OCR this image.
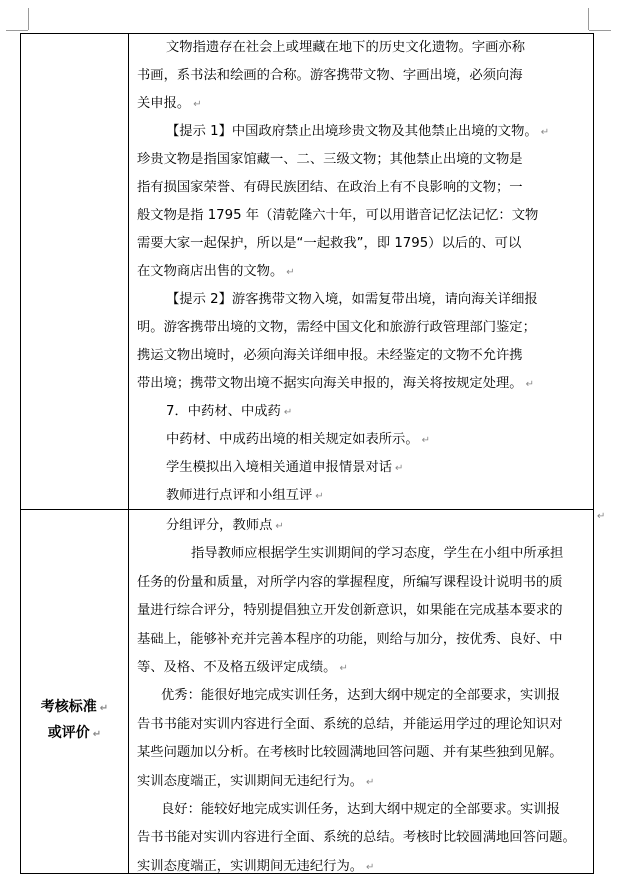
文物指遗存在社会上或埋藏在地下的历史文化遗物。字画亦称
书画，系书法和绘画的合称。游客携带文物、字画出境，必须向海
关申报。 ↵
【提示 1】中国政府禁止出境珍贵文物及其他禁止出境的文物。 ↵
珍贵文物是指国家馆藏一、二、三级文物；其他禁止出境的文物是
指有损国家荣誉、有碍民族团结、在政治上有不良影响的文物；一
般文物是指 1795 年（清乾隆六十年，可以用谐音记忆法记忆：文物
需要大家一起保护，所以是“一起救我”，即 1795）以后的、可以
在文物商店出售的文物。 ↵
【提示 2】游客携带文物入境，如需复带出境，请向海关详细报
明。游客携带出境的文物，需经中国文化和旅游行政管理部门鉴定；
携运文物出境时，必须向海关详细申报。未经鉴定的文物不允许携
带出境；携带文物出境不据实向海关申报的，海关将按规定处理。 ↵
7．中药材、中成药 ↵
中药材、中成药出境的相关规定如表所示。 ↵
学生模拟出入境相关通道申报情景对话 ↵
教师进行点评和小组互评 ↵
考核标准 ↵
或评价 ↵
分组评分，教师点 ↵
指导教师应根据学生实训期间的学习态度，学生在小组中所承担
任务的份量和质量，对所学内容的掌握程度，所编写课程设计说明书的质
量进行综合评分，特别提倡独立开发创新意识，如果能在完成基本要求的
基础上，能够补充并完善本程序的功能，则给与加分，按优秀、良好、中
等、及格、不及格五级评定成绩。 ↵
优秀：能很好地完成实训任务，达到大纲中规定的全部要求，实训报
告书书能对实训内容进行全面、系统的总结，并能运用学过的理论知识对
某些问题加以分析。在考核时比较圆满地回答问题、并有某些独到见解。
实训态度端正，实训期间无违纪行为。 ↵
良好：能较好地完成实训任务，达到大纲中规定的全部要求。实训报
告书书能对实训内容进行全面、系统的总结。考核时比较圆满地回答问题。
实训态度端正，实训期间无违纪行为。 ↵
↵
